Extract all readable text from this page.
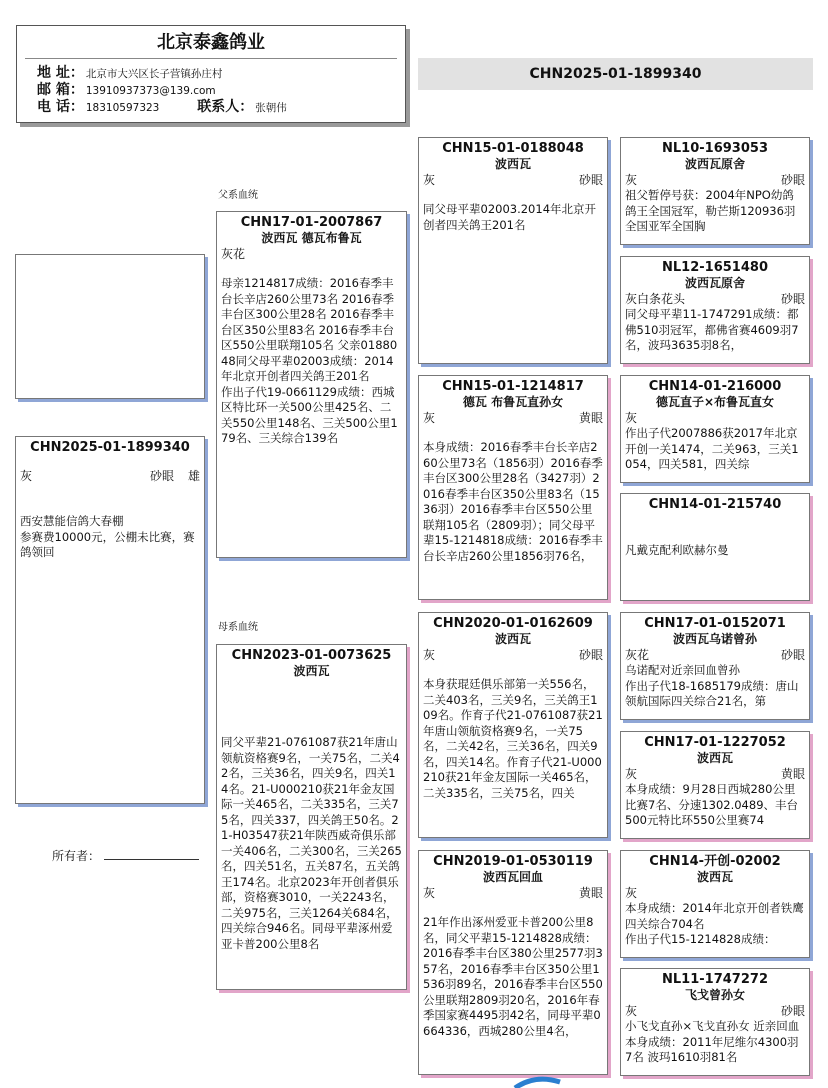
北京泰鑫鸽业
地 址： 北京市大兴区长子营镇孙庄村
邮 箱： 13910937373@139.com
电 话： 18310597323	联系人： 张朝伟
CHN2025-01-1899340
CHN2025-01-1899340
灰	砂眼 雄
西安慧能信鸽大春棚
参赛费10000元，公棚未比赛，赛鸽领回
父系血统
母系血统
所有者：
CHN17-01-2007867
波西瓦 德瓦布鲁瓦
灰花
母亲1214817成绩：2016春季丰台长辛店260公里73名 2016春季丰台区300公里28名 2016春季丰台区350公里83名 2016春季丰台区550公里联翔105名 父亲0188048同父母平辈02003成绩：2014年北京开创者四关鸽王201名
作出子代19-0661129成绩：西城区特比环一关500公里425名、二关550公里148名、三关500公里179名、三关综合139名
CHN2023-01-0073625
波西瓦
同父平辈21-0761087获21年唐山领航资格赛9名，一关75名，二关42名，三关36名，四关9名，四关14名。21-U000210获21年金友国际一关465名，二关335名，三关75名，四关337，四关鸽王50名。21-H03547获21年陕西威奇俱乐部一关406名，二关300名，三关265名，四关51名，五关87名，五关鸽王174名。北京2023年开创者俱乐部，资格赛3010，一关2243名，二关975名，三关1264关684名，四关综合946名。同母平辈涿州爱亚卡普200公里8名
CHN15-01-0188048
波西瓦
灰	砂眼
同父母平辈02003.2014年北京开创者四关鸽王201名
CHN15-01-1214817
德瓦 布鲁瓦直孙女
灰	黄眼
本身成绩：2016春季丰台长辛店260公里73名（1856羽）2016春季丰台区300公里28名（3427羽）2016春季丰台区350公里83名（1536羽）2016春季丰台区550公里联翔105名（2809羽）；同父母平辈15-1214818成绩：2016春季丰台长辛店260公里1856羽76名，
CHN2020-01-0162609
波西瓦
灰	砂眼
本身获琨廷俱乐部第一关556名，二关403名，三关9名，三关鸽王109名。作育子代21-0761087获21年唐山领航资格赛9名，一关75名，二关42名，三关36名，四关9名，四关14名。作育子代21-U000210获21年金友国际一关465名，二关335名，三关75名，四关
CHN2019-01-0530119
波西瓦回血
灰	黄眼
21年作出涿州爱亚卡普200公里8名，同父平辈15-1214828成绩：2016春季丰台区380公里2577羽357名，2016春季丰台区350公里1536羽89名，2016春季丰台区550公里联翔2809羽20名，2016年春季国家赛4495羽42名，同母平辈0664336，西城280公里4名，
NL10-1693053
波西瓦原舍
灰	砂眼
祖父暂停号获：2004年NPO幼鸽鸽王全国冠军，勒芒斯120936羽全国亚军全国胸
NL12-1651480
波西瓦原舍
灰白条花头	砂眼
同父母平辈11-1747291成绩：都佛510羽冠军，都佛省赛4609羽7名，波玛3635羽8名，
CHN14-01-216000
德瓦直子×布鲁瓦直女
灰
作出子代2007886获2017年北京开创一关1474，二关963，三关1054，四关581，四关综
CHN14-01-215740
凡戴克配利欧赫尔曼
CHN17-01-0152071
波西瓦乌诺曾孙
灰花	砂眼
乌诺配对近亲回血曾孙
作出子代18-1685179成绩：唐山领航国际四关综合21名，第
CHN17-01-1227052
波西瓦
灰	黄眼
本身成绩：9月28日西城280公里比赛7名、分速1302.0489、丰台500元特比环550公里赛74
CHN14-开创-02002
波西瓦
灰
本身成绩：2014年北京开创者铁鹰四关综合704名
作出子代15-1214828成绩：
NL11-1747272
飞戈曾孙女
灰	砂眼
小飞戈直孙×飞戈直孙女 近亲回血 本身成绩：2011年尼维尔4300羽7名 波玛1610羽81名
